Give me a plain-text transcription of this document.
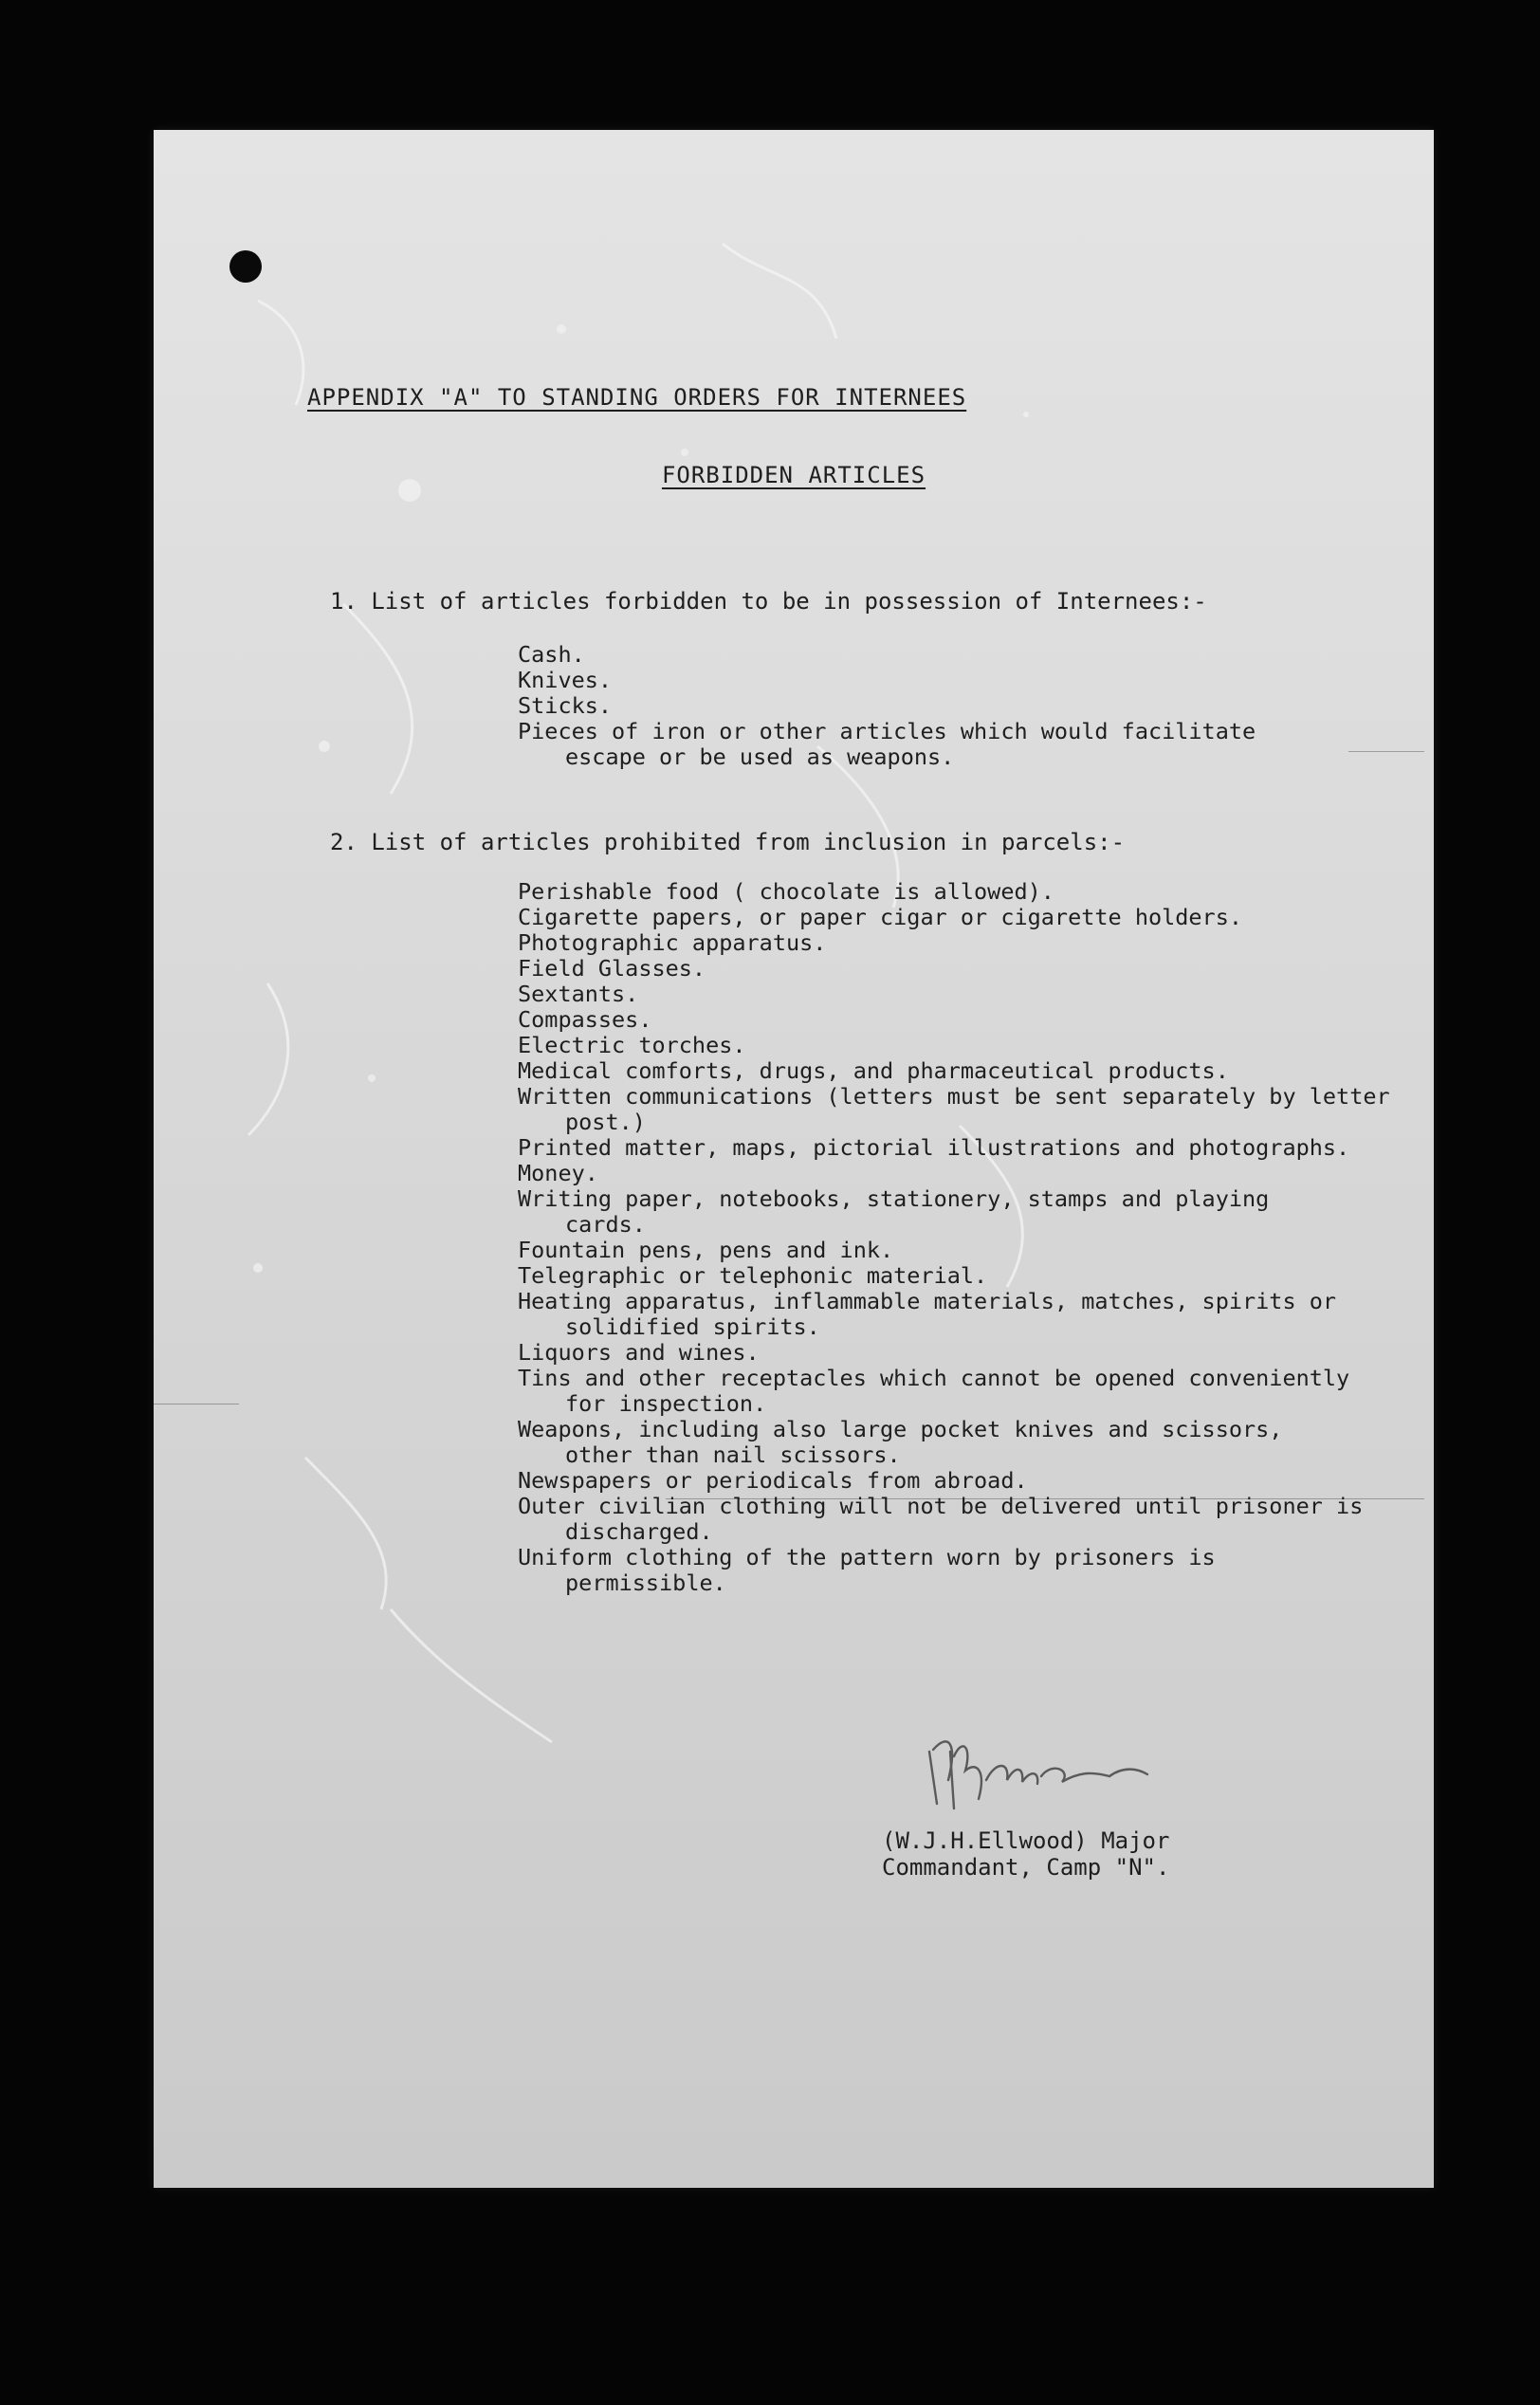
APPENDIX "A" TO STANDING ORDERS FOR INTERNEES
FORBIDDEN ARTICLES
1. List of articles forbidden to be in possession of Internees:-
Cash.
Knives.
Sticks.
Pieces of iron or other articles which would facilitate escape or be used as weapons.
2. List of articles prohibited from inclusion in parcels:-
Perishable food ( chocolate is allowed).
Cigarette papers, or paper cigar or cigarette holders.
Photographic apparatus.
Field Glasses.
Sextants.
Compasses.
Electric torches.
Medical comforts, drugs, and pharmaceutical products.
Written communications (letters must be sent separately by letter post.)
Printed matter, maps, pictorial illustrations and photographs.
Money.
Writing paper, notebooks, stationery, stamps and playing cards.
Fountain pens, pens and ink.
Telegraphic or telephonic material.
Heating apparatus, inflammable materials, matches, spirits or solidified spirits.
Liquors and wines.
Tins and other receptacles which cannot be opened conveniently for inspection.
Weapons, including also large pocket knives and scissors, other than nail scissors.
Newspapers or periodicals from abroad.
Outer civilian clothing will not be delivered until prisoner is discharged.
Uniform clothing of the pattern worn by prisoners is permissible.
(W.J.H.Ellwood) Major
Commandant, Camp "N".
